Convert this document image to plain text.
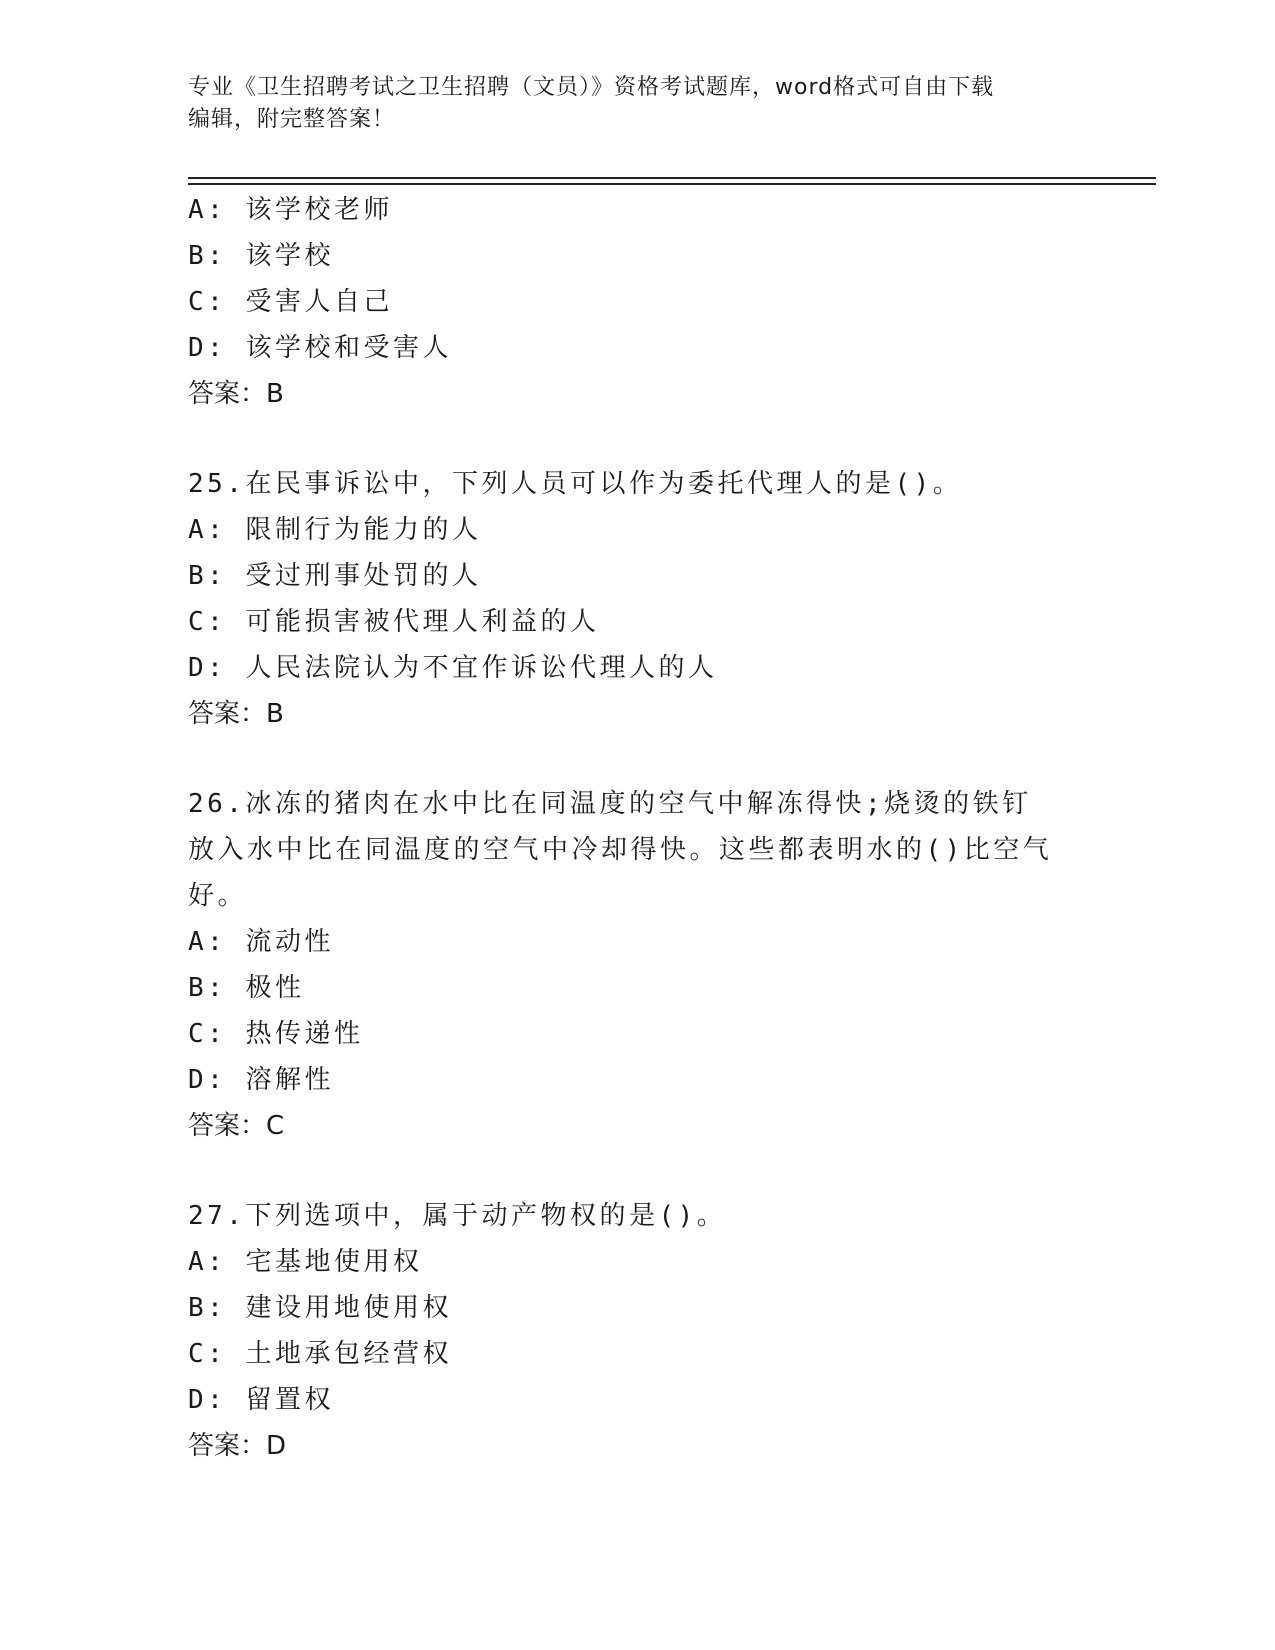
专业《卫生招聘考试之卫生招聘（文员）》资格考试题库，word格式可自由下载
编辑，附完整答案！
A: 该学校老师
B: 该学校
C: 受害人自己
D: 该学校和受害人
答案：B
25.在民事诉讼中，下列人员可以作为委托代理人的是()。
A: 限制行为能力的人
B: 受过刑事处罚的人
C: 可能损害被代理人利益的人
D: 人民法院认为不宜作诉讼代理人的人
答案：B
26.冰冻的猪肉在水中比在同温度的空气中解冻得快;烧烫的铁钉放入水中比在同温度的空气中冷却得快。这些都表明水的()比空气好。
A: 流动性
B: 极性
C: 热传递性
D: 溶解性
答案：C
27.下列选项中，属于动产物权的是()。
A: 宅基地使用权
B: 建设用地使用权
C: 土地承包经营权
D: 留置权
答案：D
